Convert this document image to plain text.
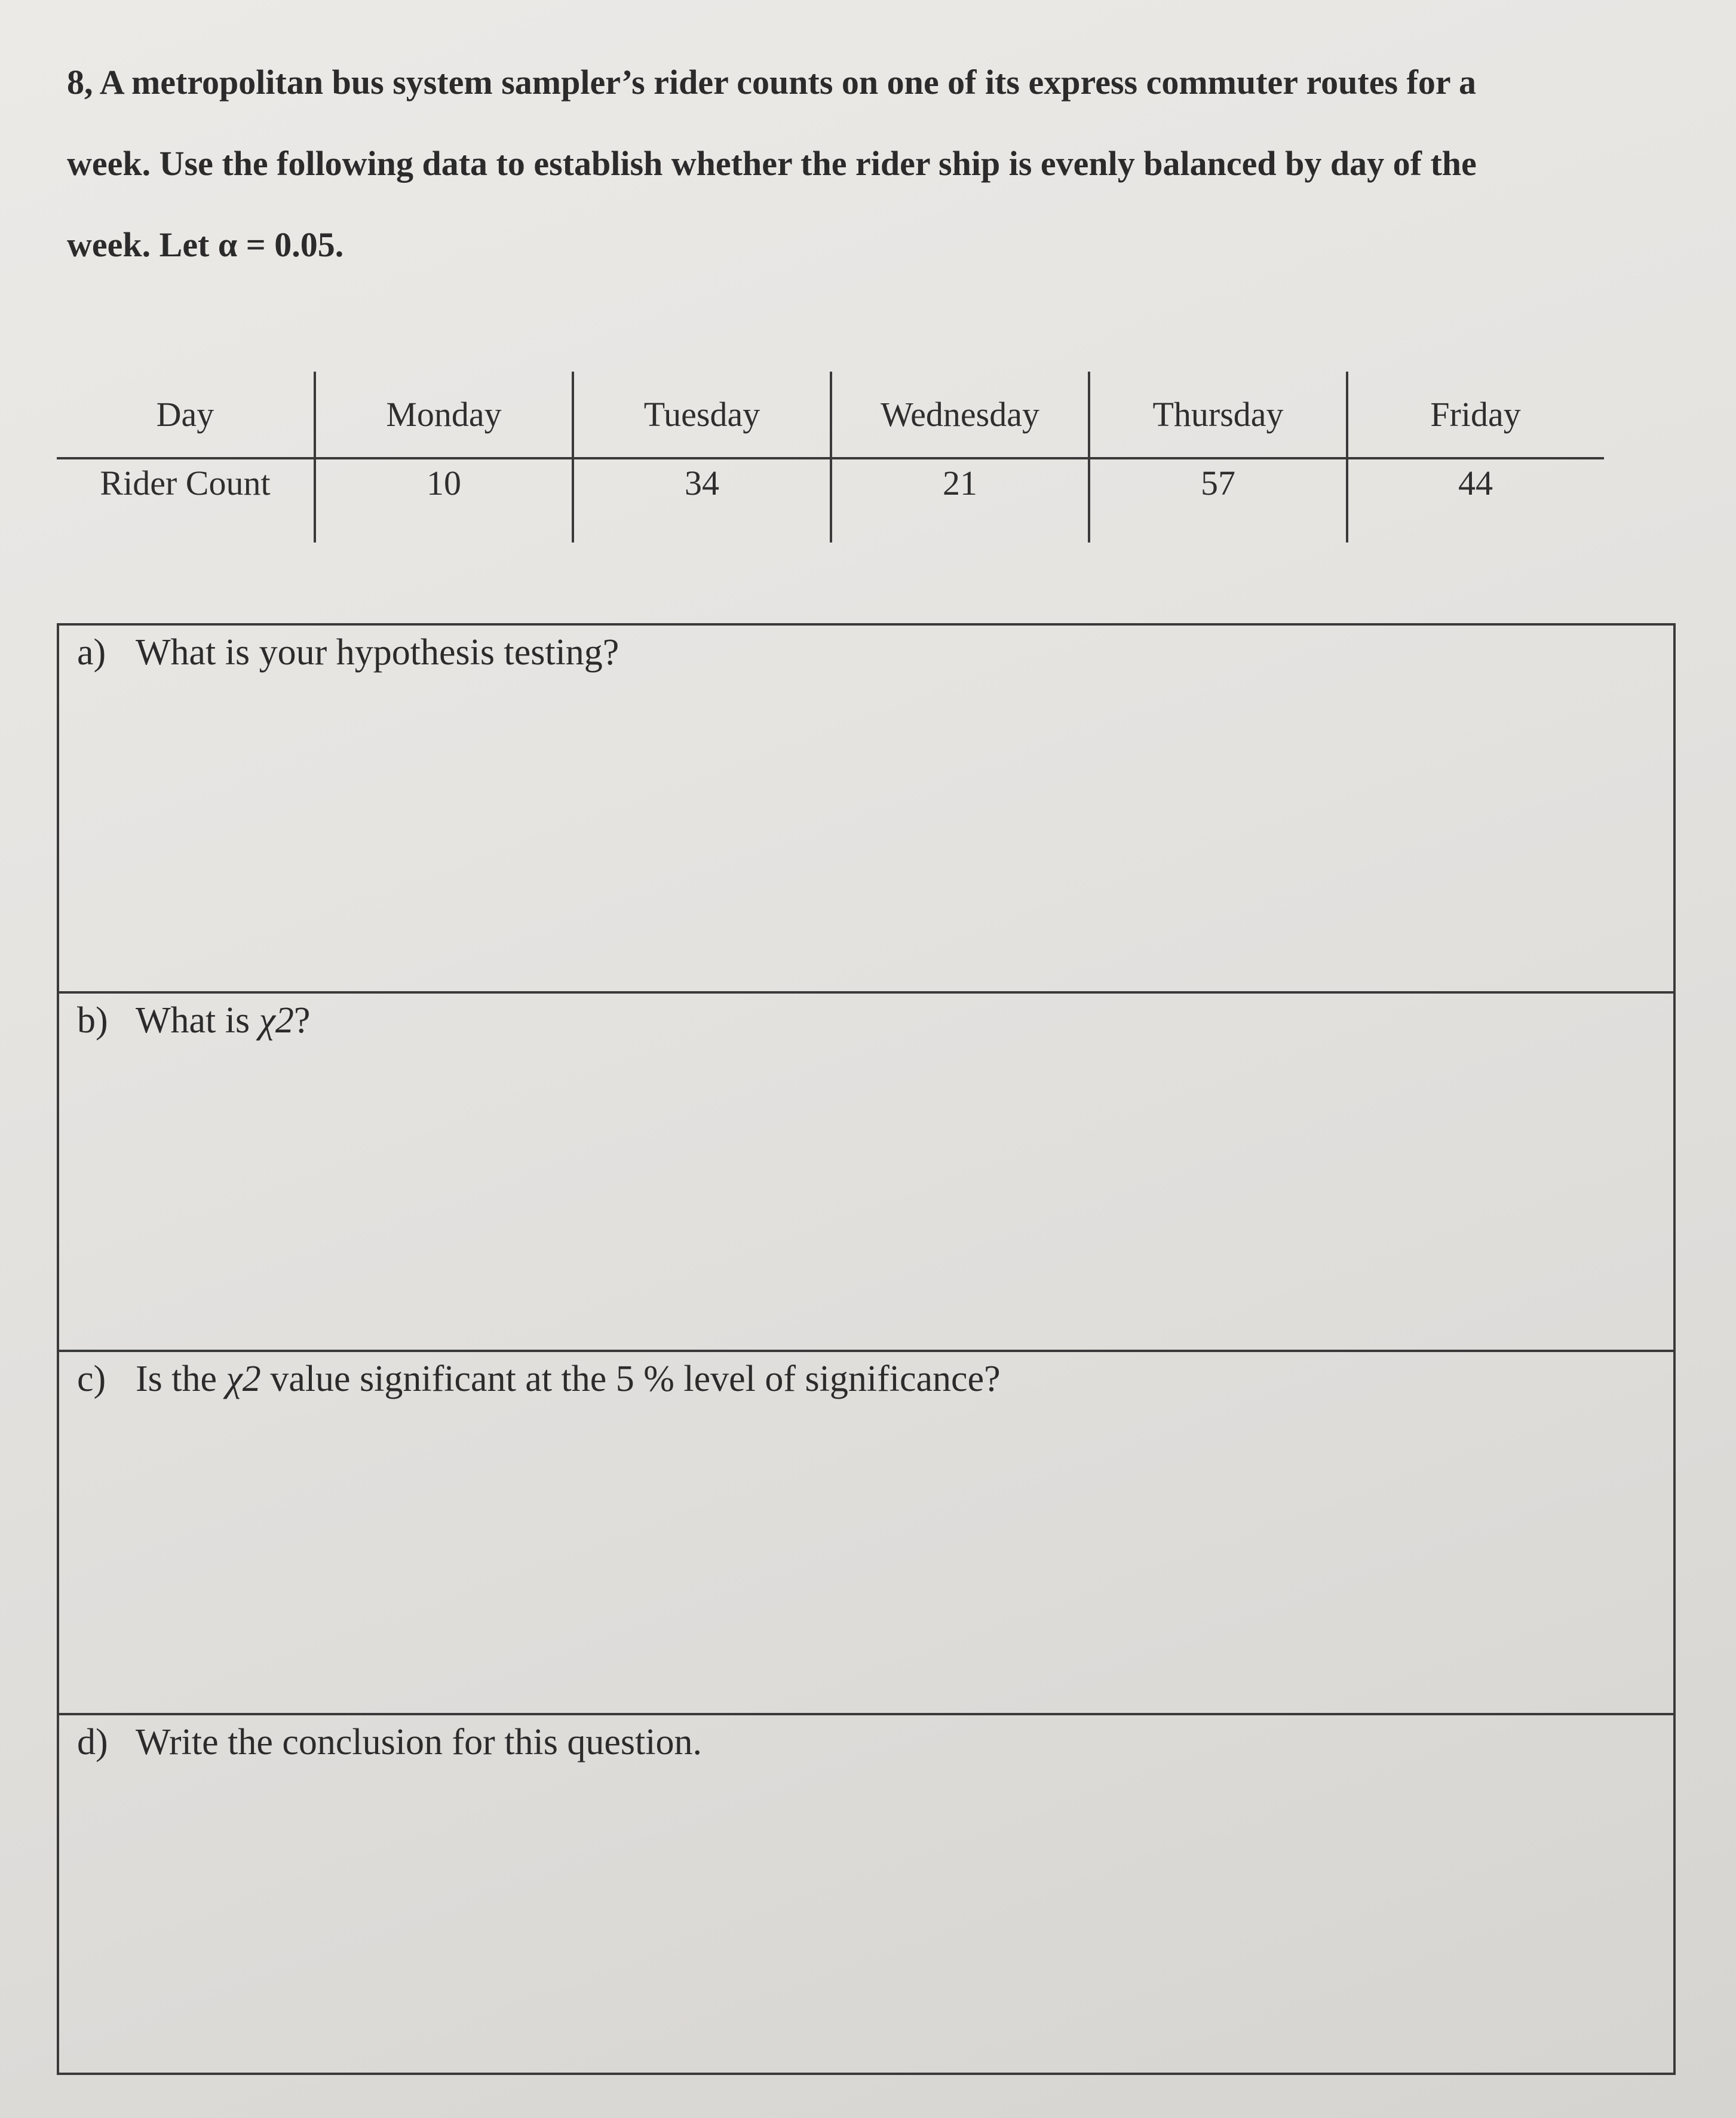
8, A metropolitan bus system sampler’s rider counts on one of its express commuter routes for a
week. Use the following data to establish whether the rider ship is evenly balanced by day of the
week. Let α = 0.05.
Day	Monday	Tuesday	Wednesday	Thursday	Friday
Rider Count	10	34	21	57	44
a) What is your hypothesis testing?
b) What is χ2?
c) Is the χ2 value significant at the 5 % level of significance?
d) Write the conclusion for this question.
